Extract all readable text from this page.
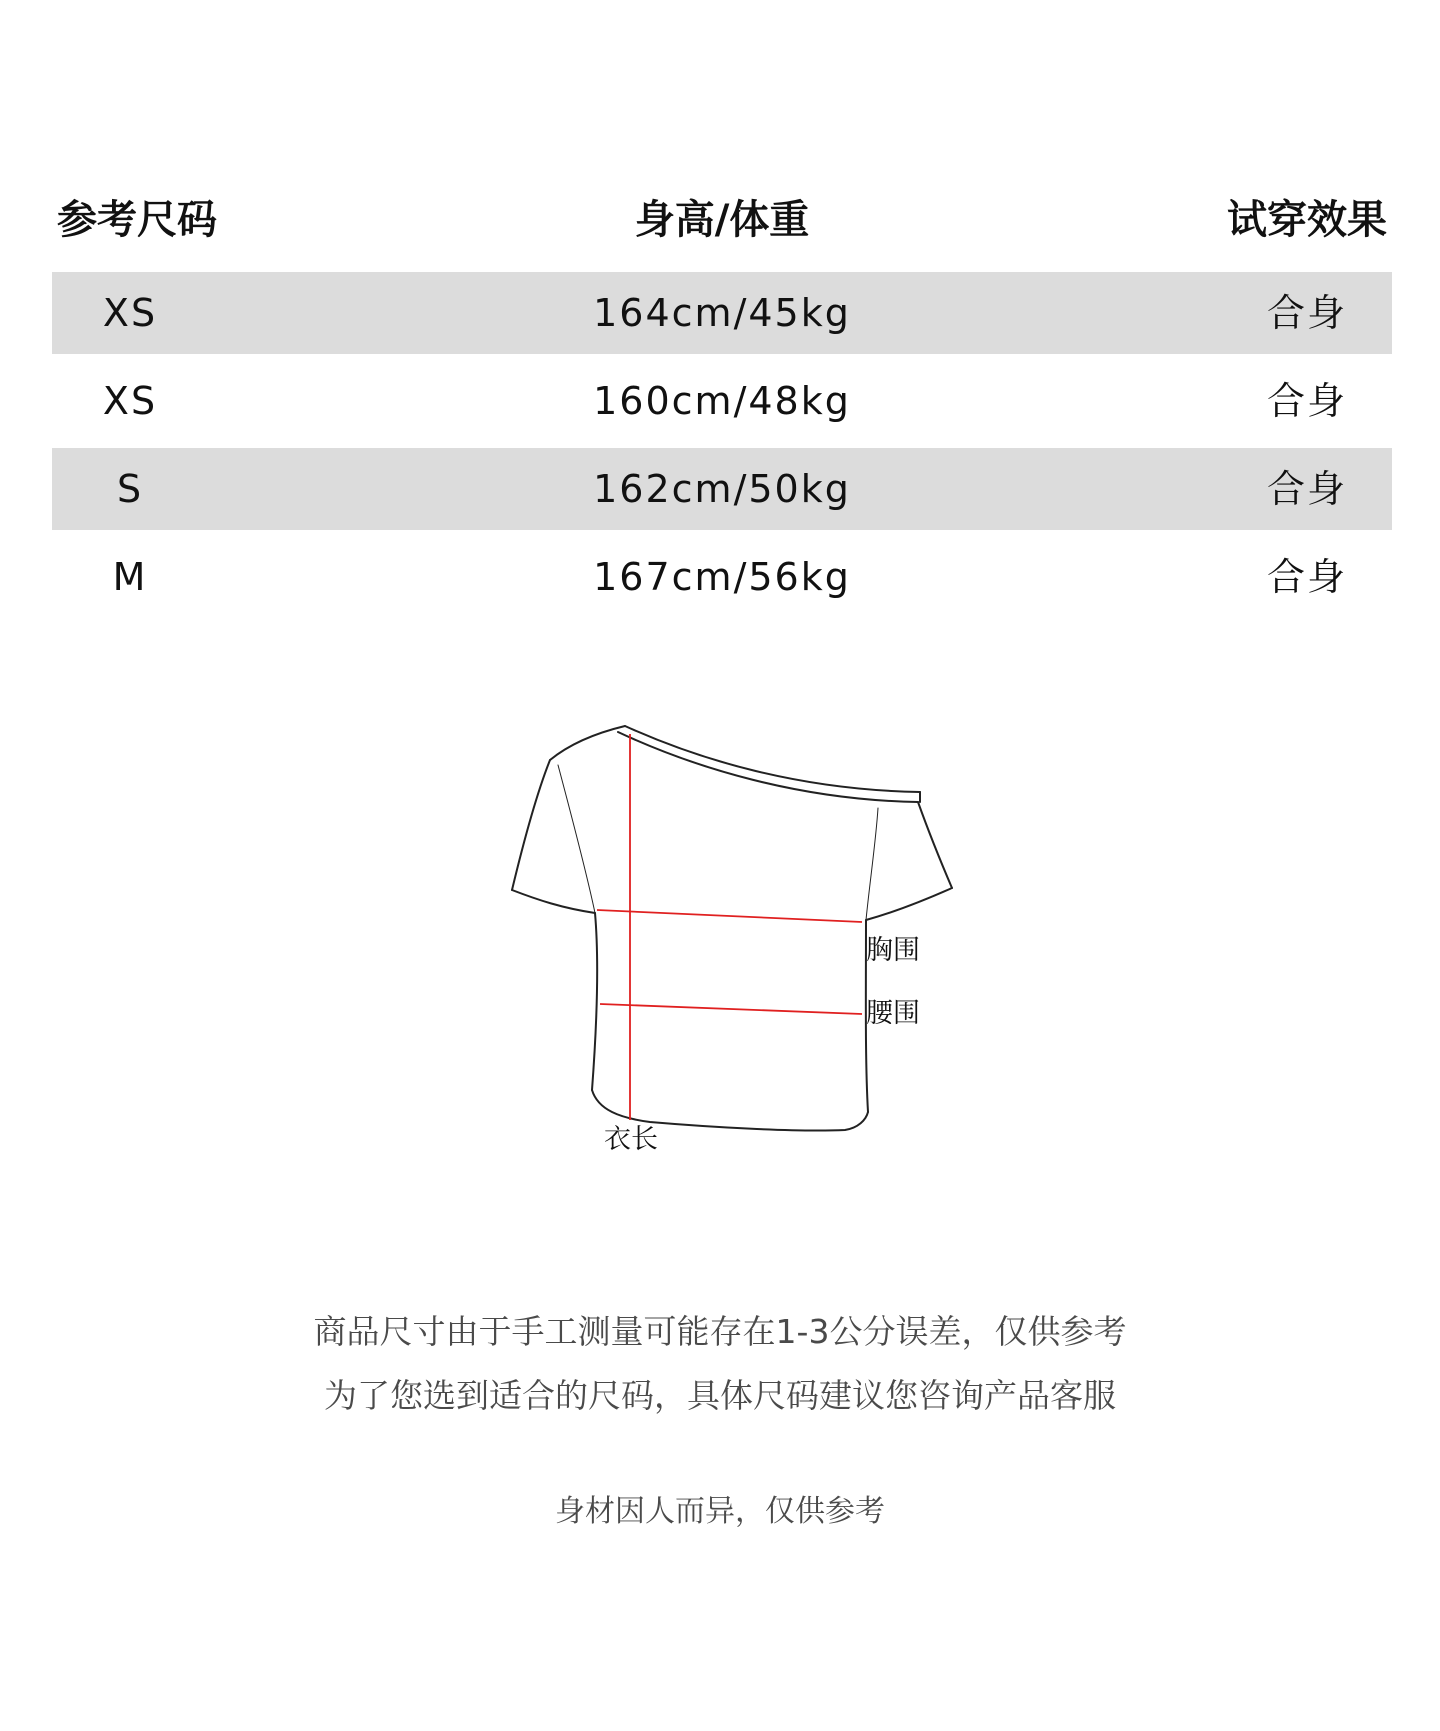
参考尺码	身高/体重	试穿效果
XS	164cm/45kg	合身
XS	160cm/48kg	合身
S	162cm/50kg	合身
M	167cm/56kg	合身
胸围
腰围
衣长
商品尺寸由于手工测量可能存在1-3公分误差，仅供参考
为了您选到适合的尺码，具体尺码建议您咨询产品客服
身材因人而异，仅供参考
